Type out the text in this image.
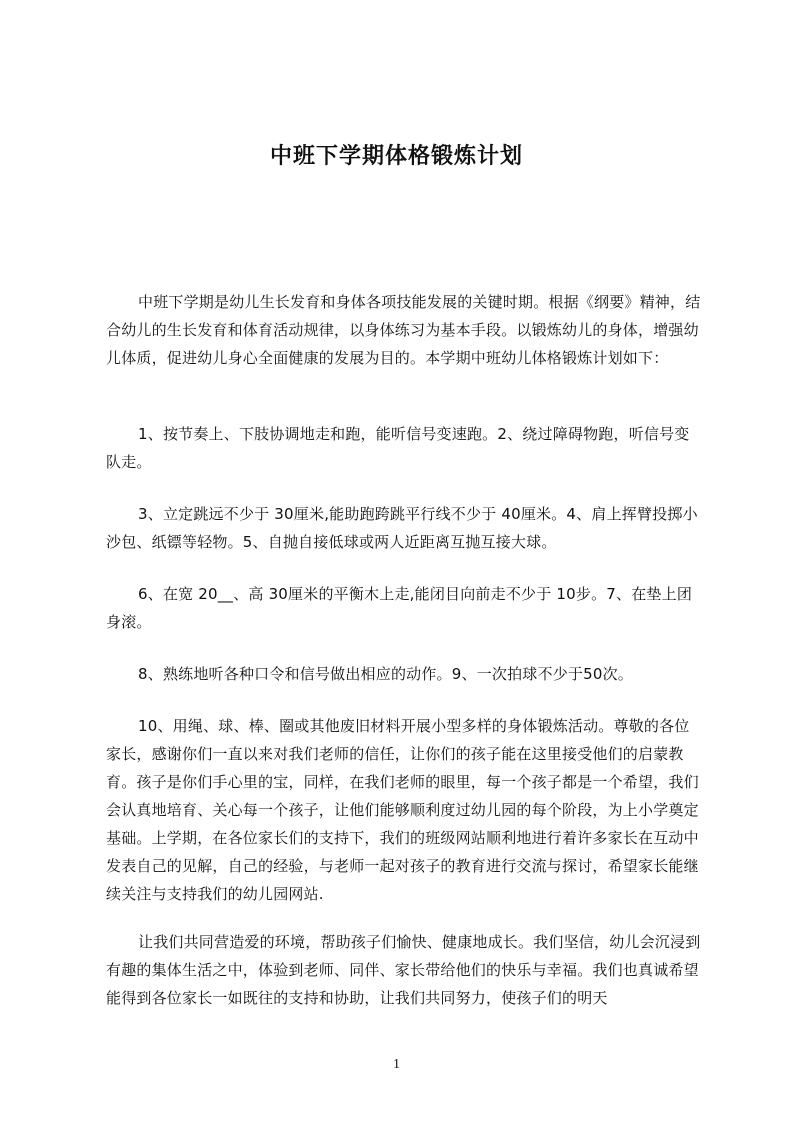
中班下学期体格锻炼计划

中班下学期是幼儿生长发育和身体各项技能发展的关键时期。根据《纲要》精神，结合幼儿的生长发育和体育活动规律，以身体练习为基本手段。以锻炼幼儿的身体，增强幼儿体质，促进幼儿身心全面健康的发展为目的。本学期中班幼儿体格锻炼计划如下：

1、按节奏上、下肢协调地走和跑，能听信号变速跑。2、绕过障碍物跑，听信号变队走。

3、立定跳远不少于 30厘米,能助跑跨跳平行线不少于 40厘米。4、肩上挥臂投掷小沙包、纸镖等轻物。5、自抛自接低球或两人近距离互抛互接大球。

6、在宽 20__、高 30厘米的平衡木上走,能闭目向前走不少于 10步。7、在垫上团身滚。

8、熟练地听各种口令和信号做出相应的动作。9、一次拍球不少于50次。

10、用绳、球、棒、圈或其他废旧材料开展小型多样的身体锻炼活动。尊敬的各位家长，感谢你们一直以来对我们老师的信任，让你们的孩子能在这里接受他们的启蒙教育。孩子是你们手心里的宝，同样，在我们老师的眼里，每一个孩子都是一个希望，我们会认真地培育、关心每一个孩子，让他们能够顺利度过幼儿园的每个阶段，为上小学奠定基础。上学期，在各位家长们的支持下，我们的班级网站顺利地进行着许多家长在互动中发表自己的见解，自己的经验，与老师一起对孩子的教育进行交流与探讨，希望家长能继续关注与支持我们的幼儿园网站.

让我们共同营造爱的环境，帮助孩子们愉快、健康地成长。我们坚信，幼儿会沉浸到有趣的集体生活之中，体验到老师、同伴、家长带给他们的快乐与幸福。我们也真诚希望能得到各位家长一如既往的支持和协助，让我们共同努力，使孩子们的明天

1
